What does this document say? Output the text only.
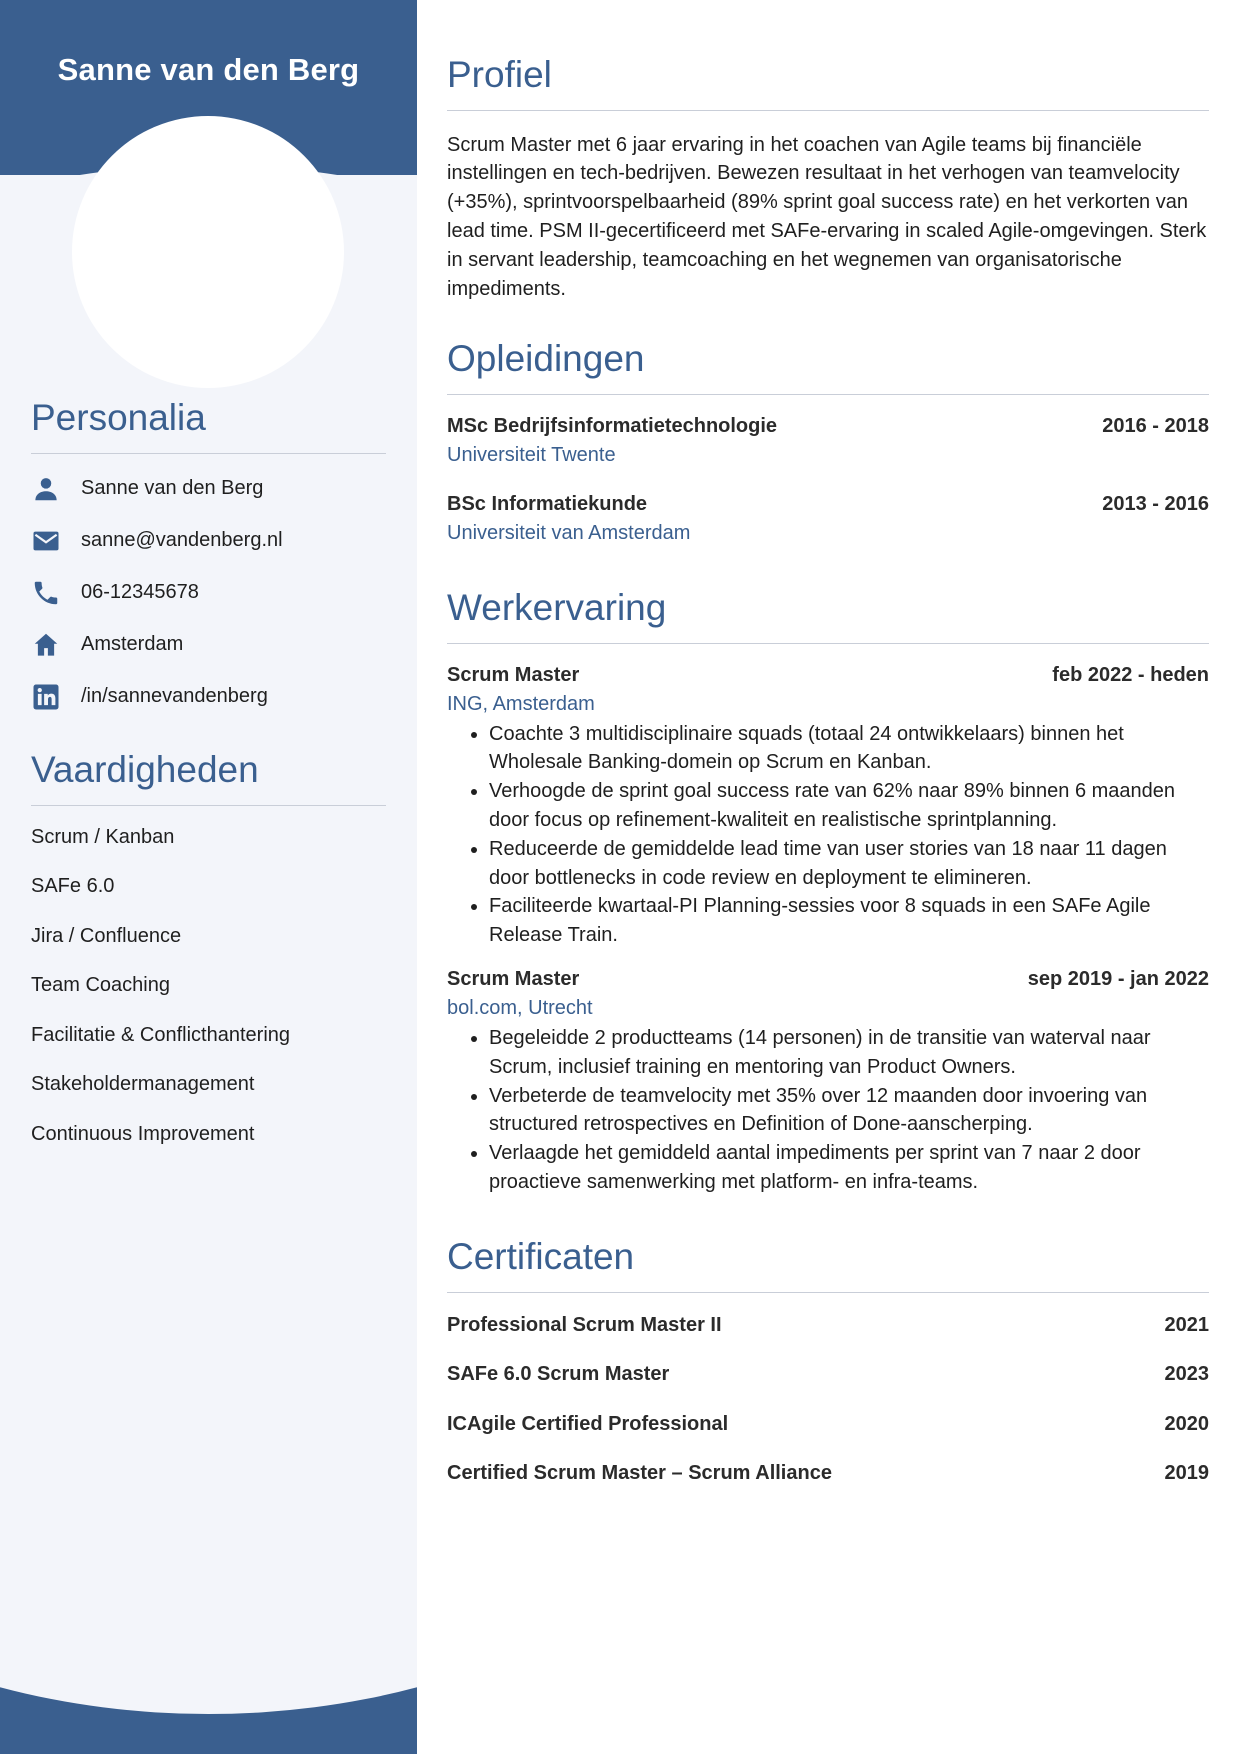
Sanne van den Berg
Personalia
Sanne van den Berg
sanne@vandenberg.nl
06-12345678
Amsterdam
/in/sannevandenberg
Vaardigheden
Scrum / Kanban
SAFe 6.0
Jira / Confluence
Team Coaching
Facilitatie & Conflicthantering
Stakeholdermanagement
Continuous Improvement
Profiel
Scrum Master met 6 jaar ervaring in het coachen van Agile teams bij financiële instellingen en tech-bedrijven. Bewezen resultaat in het verhogen van teamvelocity (+35%), sprintvoorspelbaarheid (89% sprint goal success rate) en het verkorten van lead time. PSM II-gecertificeerd met SAFe-ervaring in scaled Agile-omgevingen. Sterk in servant leadership, teamcoaching en het wegnemen van organisatorische impediments.
Opleidingen
MSc Bedrijfsinformatietechnologie	2016 - 2018
Universiteit Twente
BSc Informatiekunde	2013 - 2016
Universiteit van Amsterdam
Werkervaring
Scrum Master	feb 2022 - heden
ING, Amsterdam
• Coachte 3 multidisciplinaire squads (totaal 24 ontwikkelaars) binnen het Wholesale Banking-domein op Scrum en Kanban.
• Verhoogde de sprint goal success rate van 62% naar 89% binnen 6 maanden door focus op refinement-kwaliteit en realistische sprintplanning.
• Reduceerde de gemiddelde lead time van user stories van 18 naar 11 dagen door bottlenecks in code review en deployment te elimineren.
• Faciliteerde kwartaal-PI Planning-sessies voor 8 squads in een SAFe Agile Release Train.
Scrum Master	sep 2019 - jan 2022
bol.com, Utrecht
• Begeleidde 2 productteams (14 personen) in de transitie van waterval naar Scrum, inclusief training en mentoring van Product Owners.
• Verbeterde de teamvelocity met 35% over 12 maanden door invoering van structured retrospectives en Definition of Done-aanscherping.
• Verlaagde het gemiddeld aantal impediments per sprint van 7 naar 2 door proactieve samenwerking met platform- en infra-teams.
Certificaten
Professional Scrum Master II	2021
SAFe 6.0 Scrum Master	2023
ICAgile Certified Professional	2020
Certified Scrum Master – Scrum Alliance	2019
